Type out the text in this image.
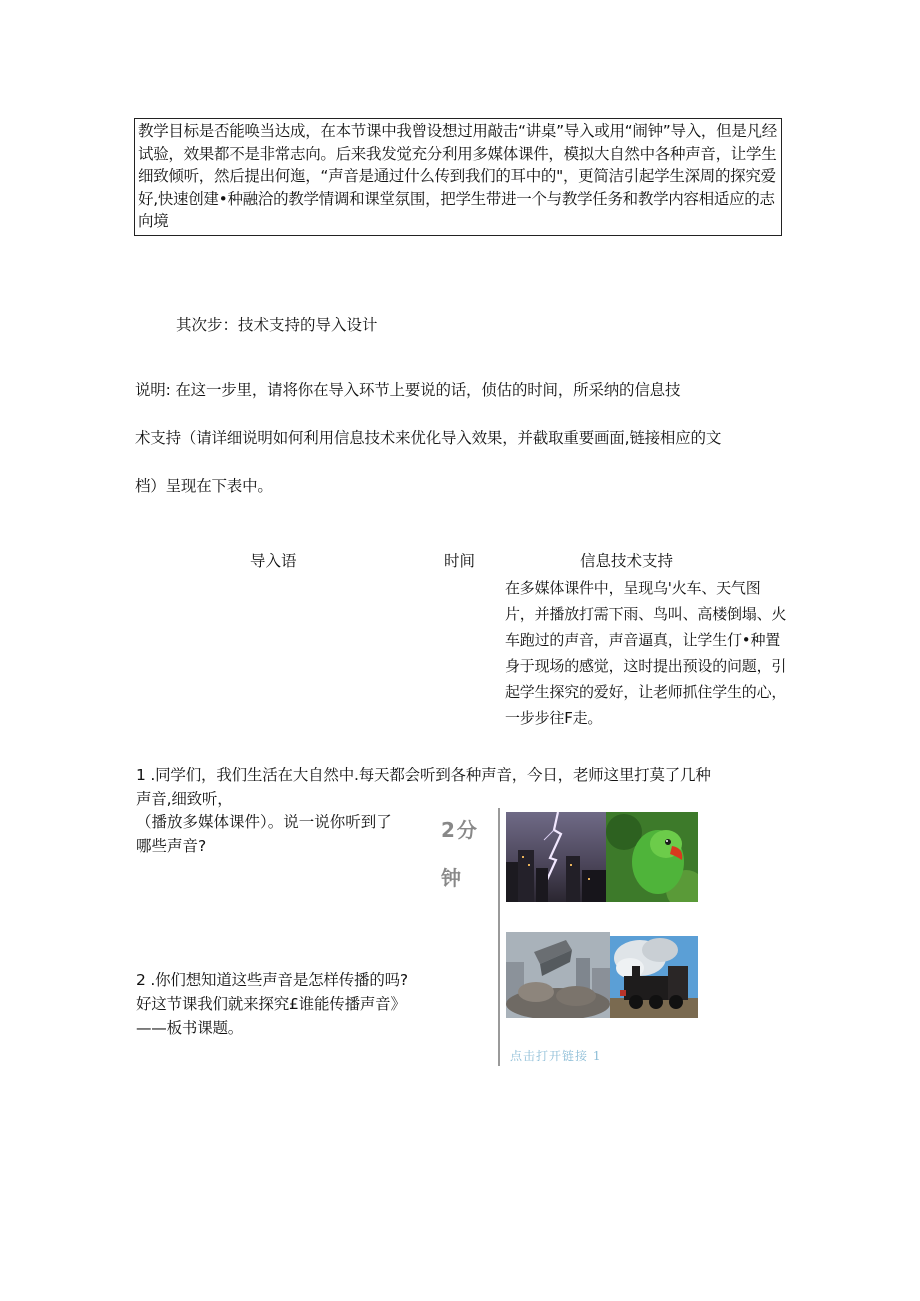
教学目标是否能唤当达成，在本节课中我曾设想过用敲击“讲桌”导入或用“闹钟”导入，但是凡经试验，效果都不是非常志向。后来我发觉充分利用多媒体课件，模拟大自然中各种声音，让学生细致倾听，然后提出何迤，“声音是通过什么传到我们的耳中的"，更简洁引起学生深周的探究爱好,快速创建•种融洽的教学情调和课堂氛围，把学生带进一个与教学任务和教学内容相适应的志向境
其次步：技术支持的导入设计
说明: 在这一步里，请将你在导入环节上要说的话，侦估的时间，所采纳的信息技
术支持（请详细说明如何利用信息技术来优化导入效果，并截取重要画面,链接相应的文
档）呈现在下表中。
导入语	时间	信息技术支持
在多媒体课件中，呈现乌'火车、天气图片，并播放打需下雨、鸟叫、高楼倒塌、火车跑过的声音，声音逼真，让学生仃•种置身于现场的感觉，这时提出预设的问题，引起学生探究的爱好，让老师抓住学生的心，一步步往F走。
1 .同学们，我们生活在大自然中.每天都会听到各种声音，今日，老师这里打莫了几种
声音,细致听，
（播放多媒体课件）。说一说你听到了
哪些声音?
2分钟
2 .你们想知道这些声音是怎样传播的吗? 好这节课我们就来探究£谁能传播声音》——板书课题。
点击打开链接 1
